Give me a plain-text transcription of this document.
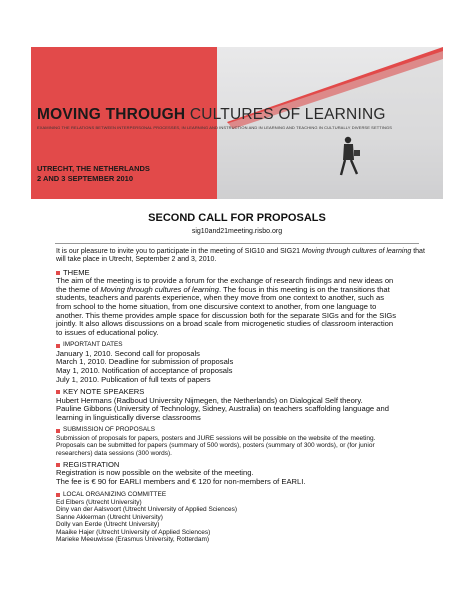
MOVING THROUGH CULTURES OF LEARNING
EXAMINING THE RELATIONS BETWEEN INTERPERSONAL PROCESSES, IN LEARNING AND INSTRUCTION AND IN LEARNING AND TEACHING IN CULTURALLY DIVERSE SETTINGS
UTRECHT, THE NETHERLANDS
2 AND 3 SEPTEMBER 2010
SECOND CALL FOR PROPOSALS
sig10and21meeting.risbo.org

It is our pleasure to invite you to participate in the meeting of SIG10 and SIG21 Moving through cultures of learning that will take place in Utrecht, September 2 and 3, 2010.

THEME
The aim of the meeting is to provide a forum for the exchange of research findings and new ideas on
the theme of Moving through cultures of learning. The focus in this meeting is on the transitions that
students, teachers and parents experience, when they move from one context to another, such as
from school to the home situation, from one discursive context to another, from one language to
another. This theme provides ample space for discussion both for the separate SIGs and for the SIGs
jointly. It also allows discussions on a broad scale from microgenetic studies of classroom interaction
to issues of educational policy.
IMPORTANT DATES
January 1, 2010. Second call for proposals
March 1, 2010. Deadline for submission of proposals
May 1, 2010. Notification of acceptance of proposals
July 1, 2010. Publication of full texts of papers
KEY NOTE SPEAKERS
Hubert Hermans (Radboud University Nijmegen, the Netherlands) on Dialogical Self theory.
Pauline Gibbons (University of Technology, Sidney, Australia) on teachers scaffolding language and
learning in linguistically diverse classrooms
SUBMISSION OF PROPOSALS
Submission of proposals for papers, posters and JURE sessions will be possible on the website of the meeting.
Proposals can be submitted for papers (summary of 500 words), posters (summary of 300 words), or (for junior
researchers) data sessions (300 words).
REGISTRATION
Registration is now possible on the website of the meeting.
The fee is € 90 for EARLI members and € 120 for non-members of EARLI.
LOCAL ORGANIZING COMMITTEE
Ed Elbers (Utrecht University)
Diny van der Aalsvoort (Utrecht University of Applied Sciences)
Sanne Akkerman (Utrecht University)
Dolly van Eerde (Utrecht University)
Maaike Hajer (Utrecht University of Applied Sciences)
Marieke Meeuwisse (Erasmus University, Rotterdam)
